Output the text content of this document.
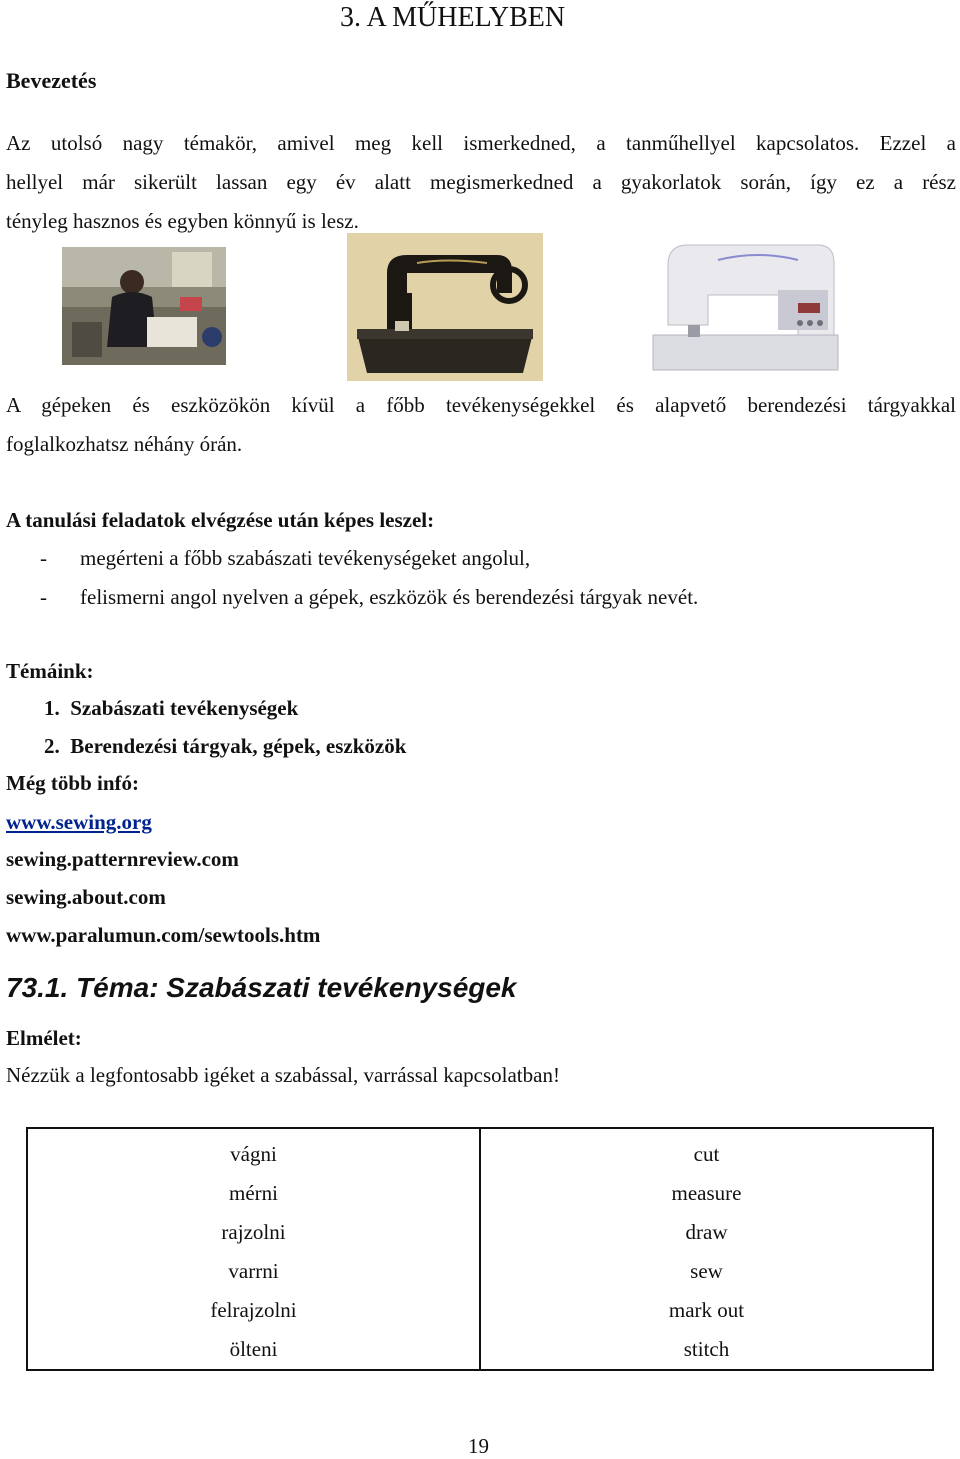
3. A MŰHELYBEN
Bevezetés
Az utolsó nagy témakör, amivel meg kell ismerkedned, a tanműhellyel kapcsolatos. Ezzel a
hellyel már sikerült lassan egy év alatt megismerkedned a gyakorlatok során, így ez a rész
tényleg hasznos és egyben könnyű is lesz.
A gépeken és eszközökön kívül a főbb tevékenységekkel és alapvető berendezési tárgyakkal
foglalkozhatsz néhány órán.
A tanulási feladatok elvégzése után képes leszel:
- megérteni a főbb szabászati tevékenységeket angolul,
- felismerni angol nyelven a gépek, eszközök és berendezési tárgyak nevét.
Témáink:
1.  Szabászati tevékenységek
2.  Berendezési tárgyak, gépek, eszközök
Még több infó:
www.sewing.org
sewing.patternreview.com
sewing.about.com
www.paralumun.com/sewtools.htm
73.1. Téma: Szabászati tevékenységek
Elmélet:
Nézzük a legfontosabb igéket a szabással, varrással kapcsolatban!
vágni	cut
mérni	measure
rajzolni	draw
varrni	sew
felrajzolni	mark out
ölteni	stitch
19
